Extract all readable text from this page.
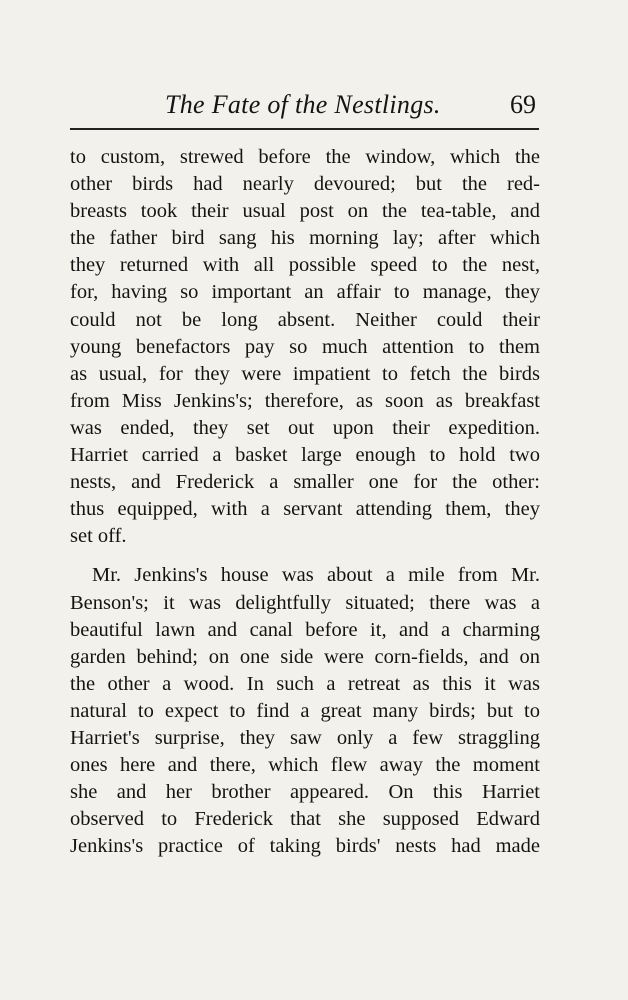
The Fate of the Nestlings.	69
to custom, strewed before the window, which the
other birds had nearly devoured; but the red-
breasts took their usual post on the tea-table, and
the father bird sang his morning lay; after which
they returned with all possible speed to the nest,
for, having so important an affair to manage, they
could not be long absent. Neither could their
young benefactors pay so much attention to them
as usual, for they were impatient to fetch the birds
from Miss Jenkins's; therefore, as soon as breakfast
was ended, they set out upon their expedition.
Harriet carried a basket large enough to hold two
nests, and Frederick a smaller one for the other:
thus equipped, with a servant attending them, they
set off.
Mr. Jenkins's house was about a mile from Mr.
Benson's; it was delightfully situated; there was a
beautiful lawn and canal before it, and a charming
garden behind; on one side were corn-fields, and on
the other a wood. In such a retreat as this it was
natural to expect to find a great many birds; but to
Harriet's surprise, they saw only a few straggling
ones here and there, which flew away the moment
she and her brother appeared. On this Harriet
observed to Frederick that she supposed Edward
Jenkins's practice of taking birds' nests had made
